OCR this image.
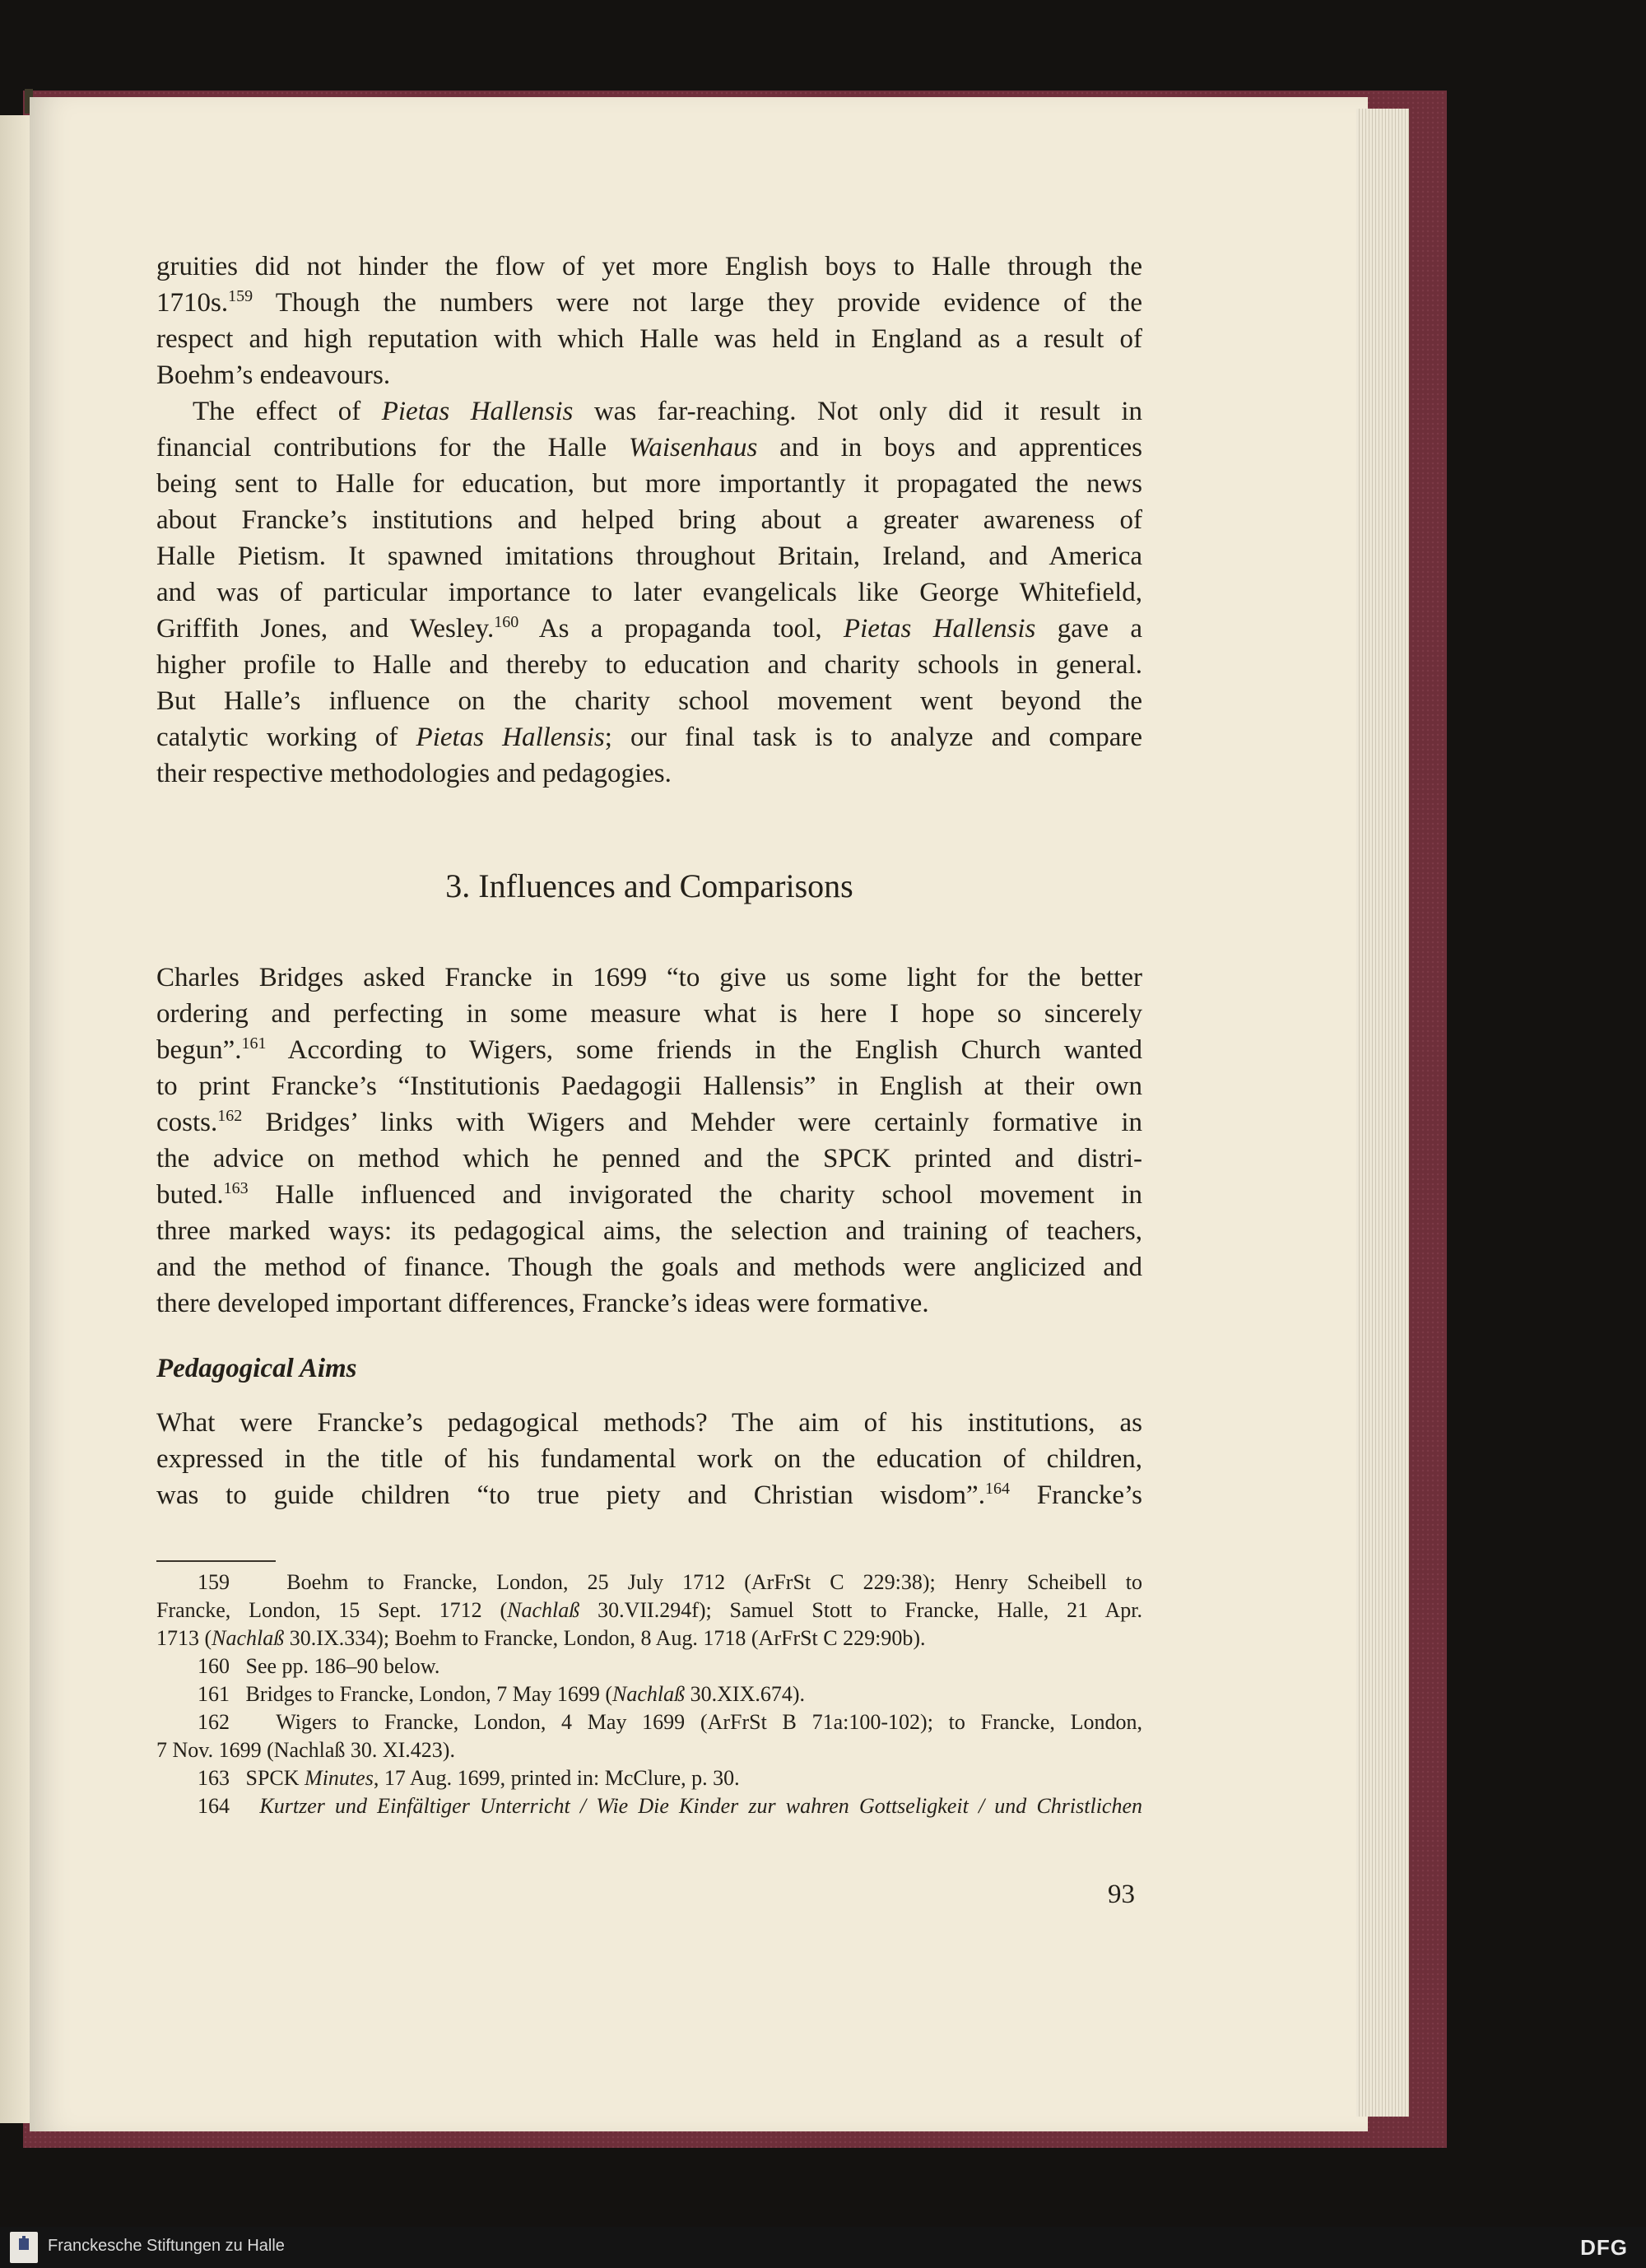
gruities did not hinder the flow of yet more English boys to Halle through the
1710s.$^{159}$ Though the numbers were not large they provide evidence of the
respect and high reputation with which Halle was held in England as a result of
Boehm’s endeavours.

The effect of Pietas Hallensis was far-reaching. Not only did it result in
financial contributions for the Halle Waisenhaus and in boys and apprentices
being sent to Halle for education, but more importantly it propagated the news
about Francke’s institutions and helped bring about a greater awareness of
Halle Pietism. It spawned imitations throughout Britain, Ireland, and America
and was of particular importance to later evangelicals like George Whitefield,
Griffith Jones, and Wesley.$^{160}$ As a propaganda tool, Pietas Hallensis gave a
higher profile to Halle and thereby to education and charity schools in general.
But Halle’s influence on the charity school movement went beyond the
catalytic working of Pietas Hallensis; our final task is to analyze and compare
their respective methodologies and pedagogies.

3. Influences and Comparisons

Charles Bridges asked Francke in 1699 “to give us some light for the better
ordering and perfecting in some measure what is here I hope so sincerely
begun”.$^{161}$ According to Wigers, some friends in the English Church wanted
to print Francke’s “Institutionis Paedagogii Hallensis” in English at their own
costs.$^{162}$ Bridges’ links with Wigers and Mehder were certainly formative in
the advice on method which he penned and the SPCK printed and distri-
buted.$^{163}$ Halle influenced and invigorated the charity school movement in
three marked ways: its pedagogical aims, the selection and training of teachers,
and the method of finance. Though the goals and methods were anglicized and
there developed important differences, Francke’s ideas were formative.

Pedagogical Aims

What were Francke’s pedagogical methods? The aim of his institutions, as
expressed in the title of his fundamental work on the education of children,
was to guide children “to true piety and Christian wisdom”.$^{164}$ Francke’s

159	Boehm to Francke, London, 25 July 1712 (ArFrSt C 229:38); Henry Scheibell to
Francke, London, 15 Sept. 1712 (Nachlaß 30.VII.294f); Samuel Stott to Francke, Halle, 21 Apr.
1713 (Nachlaß 30.IX.334); Boehm to Francke, London, 8 Aug. 1718 (ArFrSt C 229:90b).

160 See pp. 186–90 below.

161 Bridges to Francke, London, 7 May 1699 (Nachlaß 30.XIX.674).

162 Wigers to Francke, London, 4 May 1699 (ArFrSt B 71a:100-102); to Francke, London,
7 Nov. 1699 (Nachlaß 30. XI.423).

163 SPCK Minutes, 17 Aug. 1699, printed in: McClure, p. 30.

164 Kurtzer und Einfältiger Unterricht / Wie Die Kinder zur wahren Gottseligkeit / und Christlichen

93
Franckesche Stiftungen zu Halle	DFG
